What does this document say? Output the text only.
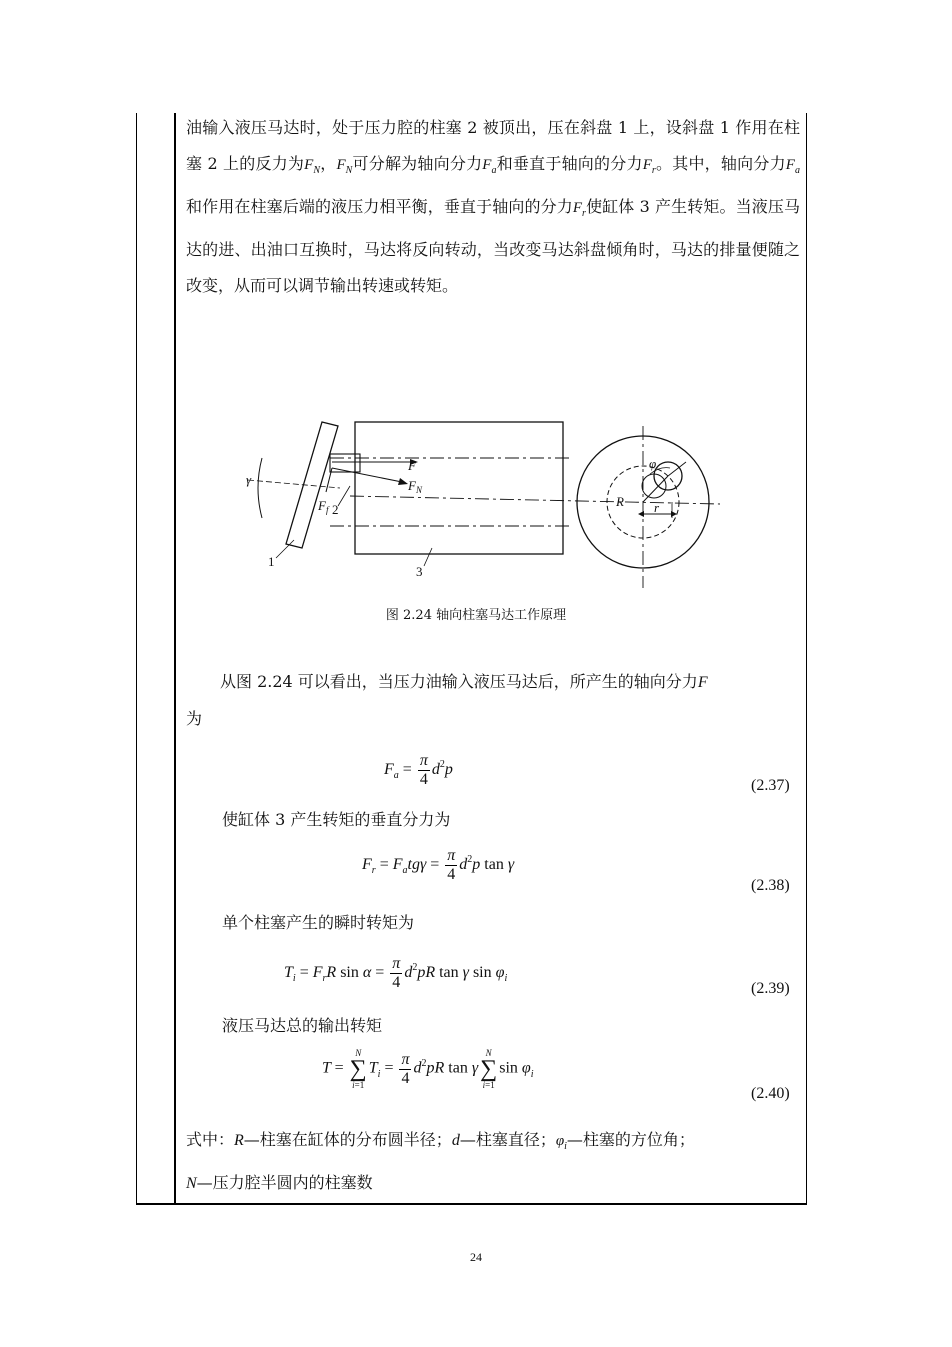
油输入液压马达时，处于压力腔的柱塞 2 被顶出，压在斜盘 1 上，设斜盘 1 作用在柱塞 2 上的反力为$F_N$，$F_N$可分解为轴向分力$F_a$和垂直于轴向的分力$F_r$。其中，轴向分力$F_a$和作用在柱塞后端的液压力相平衡，垂直于轴向的分力$F_r$使缸体 3 产生转矩。当液压马达的进、出油口互换时，马达将反向转动，当改变马达斜盘倾角时，马达的排量便随之改变，从而可以调节输出转速或转矩。
γ
F
$F_N$
$F_f$ 2
1
3
φ
R r
图 2.24 轴向柱塞马达工作原理
从图 2.24 可以看出，当压力油输入液压马达后，所产生的轴向分力F
为
$F_a = \frac{\pi}{4} d^2p$
(2.37)
使缸体 3 产生转矩的垂直分力为
$F_r = F_atg\gamma = \frac{\pi}{4} d^2p$ tan γ
(2.38)
单个柱塞产生的瞬时转矩为
$T_i = F_rR$ $\sin \alpha = \frac{\pi}{4} d^2pR$ tan γ $\sin \varphi_i$
(2.39)
液压马达总的输出转矩
T = N
∑
$i=1T_i = \frac{\pi}{4} d^2pR$ tan γN
∑
i=1sin $\varphi_i$
(2.40)
式中：R—柱塞在缸体的分布圆半径；d—柱塞直径；$\varphi_i—$柱塞的方位角；
N—压力腔半圆内的柱塞数
24
